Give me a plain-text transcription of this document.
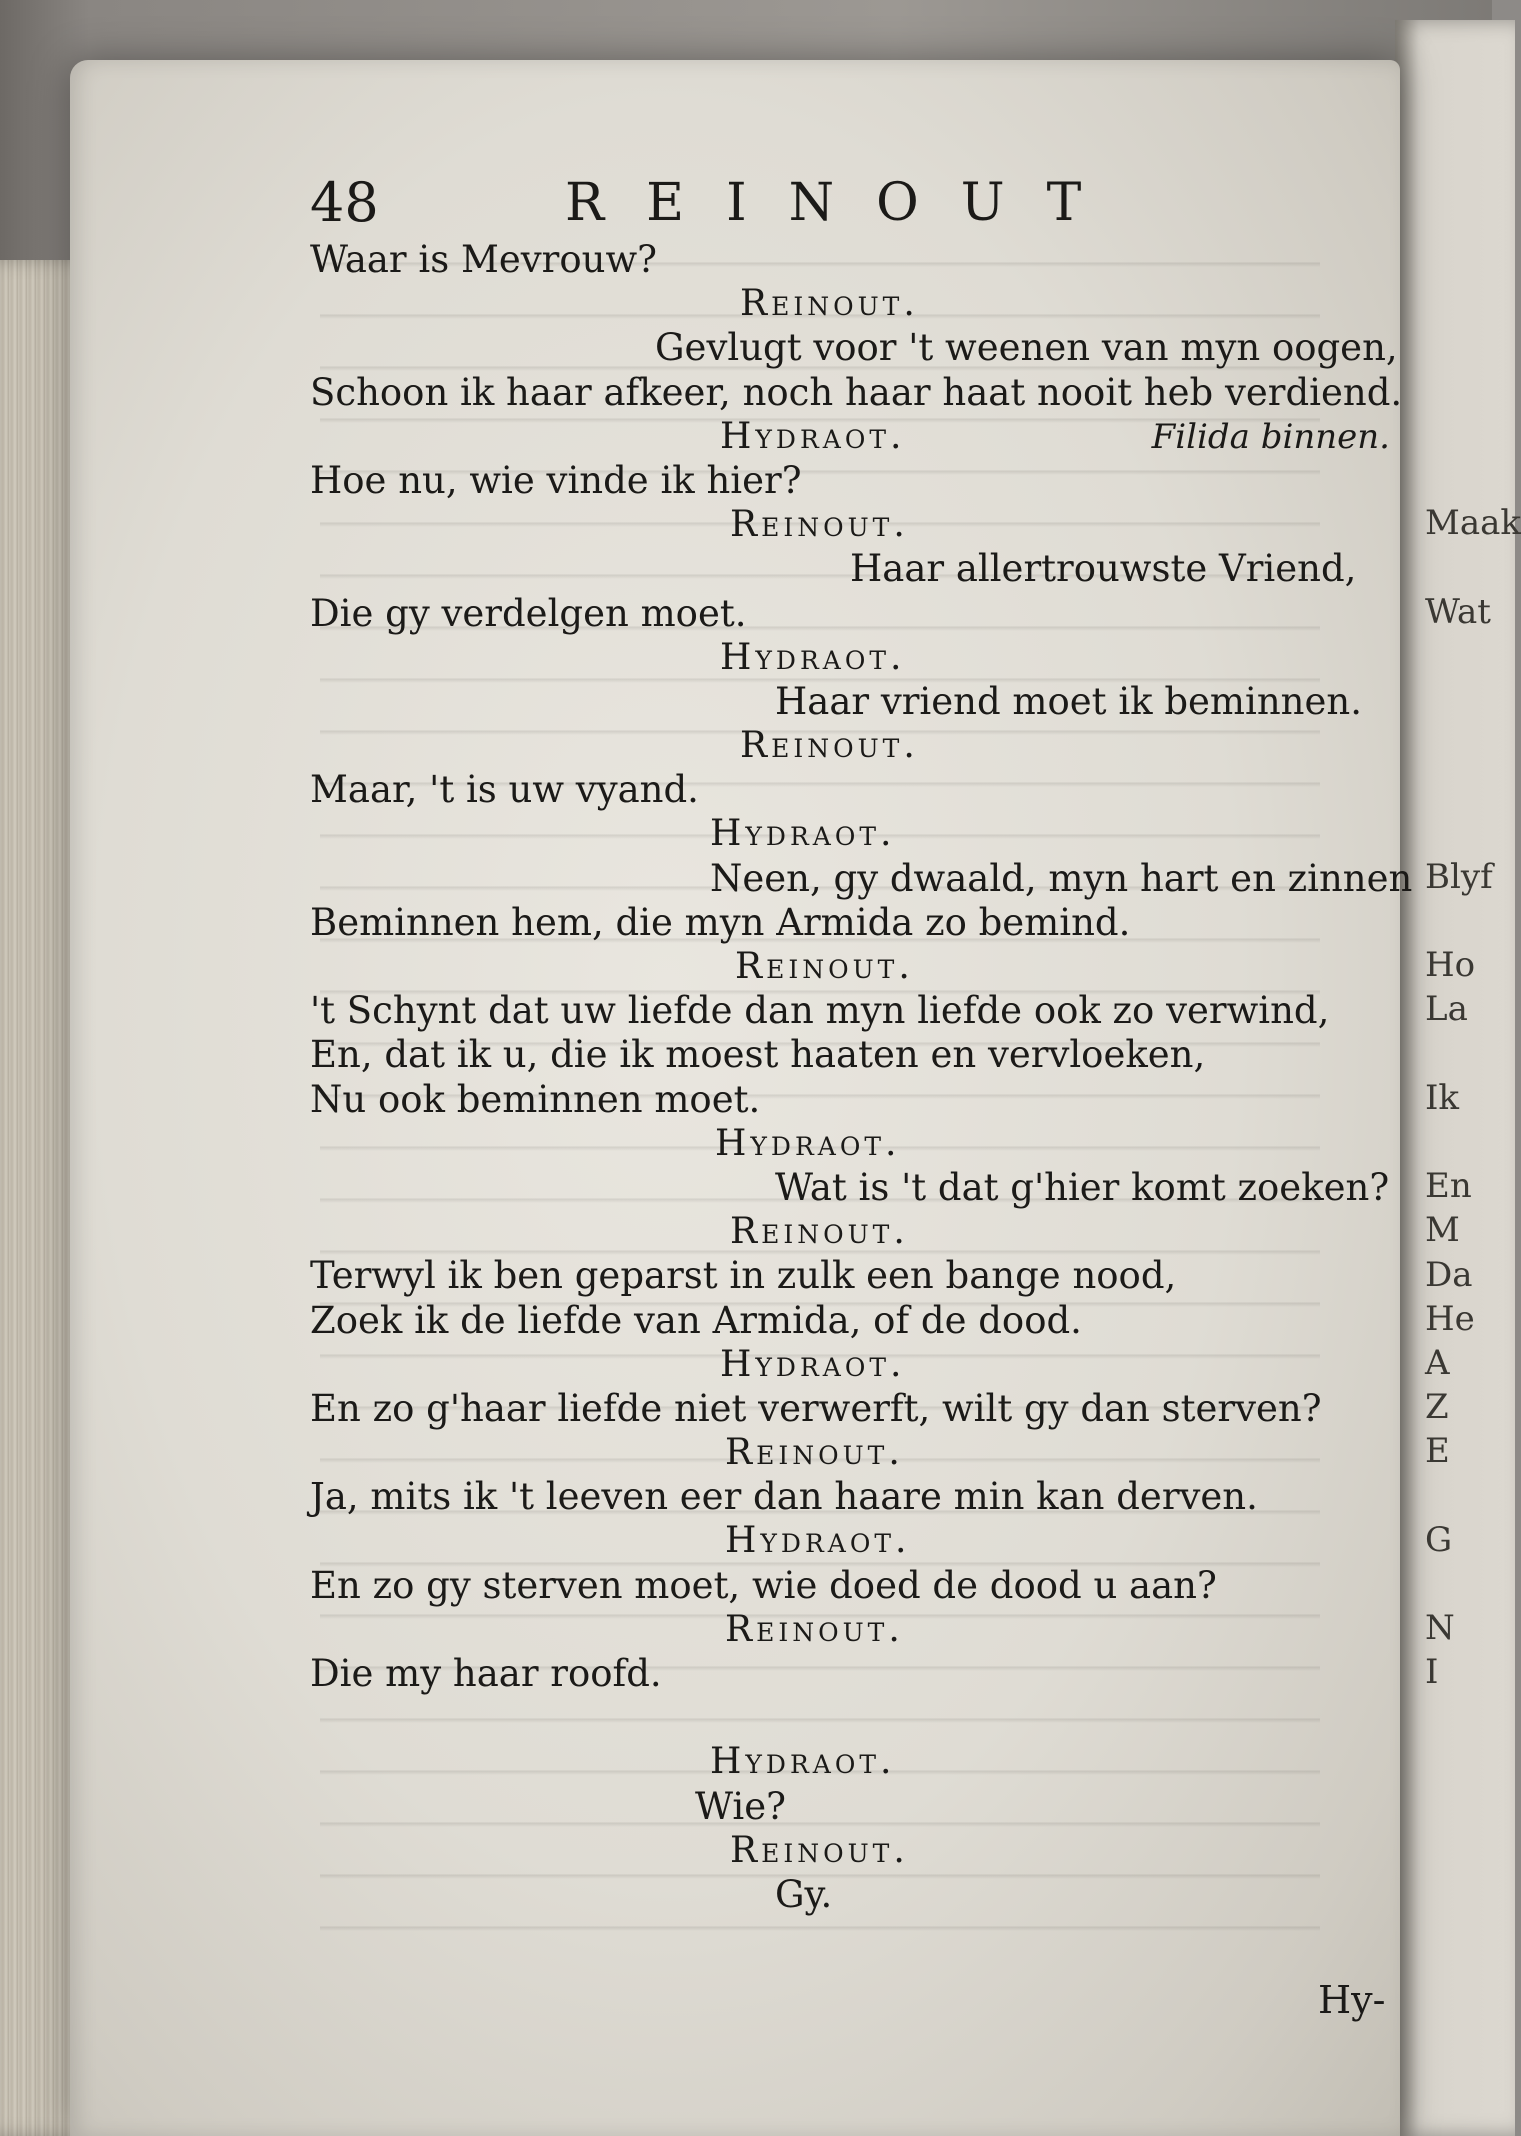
48	REINOUT
Waar is Mevrouw?
Reinout.
Gevlugt voor 't weenen van myn oogen,
Schoon ik haar afkeer, noch haar haat nooit heb verdiend.
Hydraot.	Filida binnen.
Hoe nu, wie vinde ik hier?
Reinout.
Haar allertrouwste Vriend,
Die gy verdelgen moet.
Hydraot.
Haar vriend moet ik beminnen.
Reinout.
Maar, 't is uw vyand.
Hydraot.
Neen, gy dwaald, myn hart en zinnen
Beminnen hem, die myn Armida zo bemind.
Reinout.
't Schynt dat uw liefde dan myn liefde ook zo verwind,
En, dat ik u, die ik moest haaten en vervloeken,
Nu ook beminnen moet.
Hydraot.
Wat is 't dat g'hier komt zoeken?
Reinout.
Terwyl ik ben geparst in zulk een bange nood,
Zoek ik de liefde van Armida, of de dood.
Hydraot.
En zo g'haar liefde niet verwerft, wilt gy dan sterven?
Reinout.
Ja, mits ik 't leeven eer dan haare min kan derven.
Hydraot.
En zo gy sterven moet, wie doed de dood u aan?
Reinout.
Die my haar roofd.
Hydraot.
Wie?
Reinout.
Gy.
Hy-
Maak
Wat
Blyf
Ho
La
Ik
En
M
Da
He
A
Z
E
G
N
I
